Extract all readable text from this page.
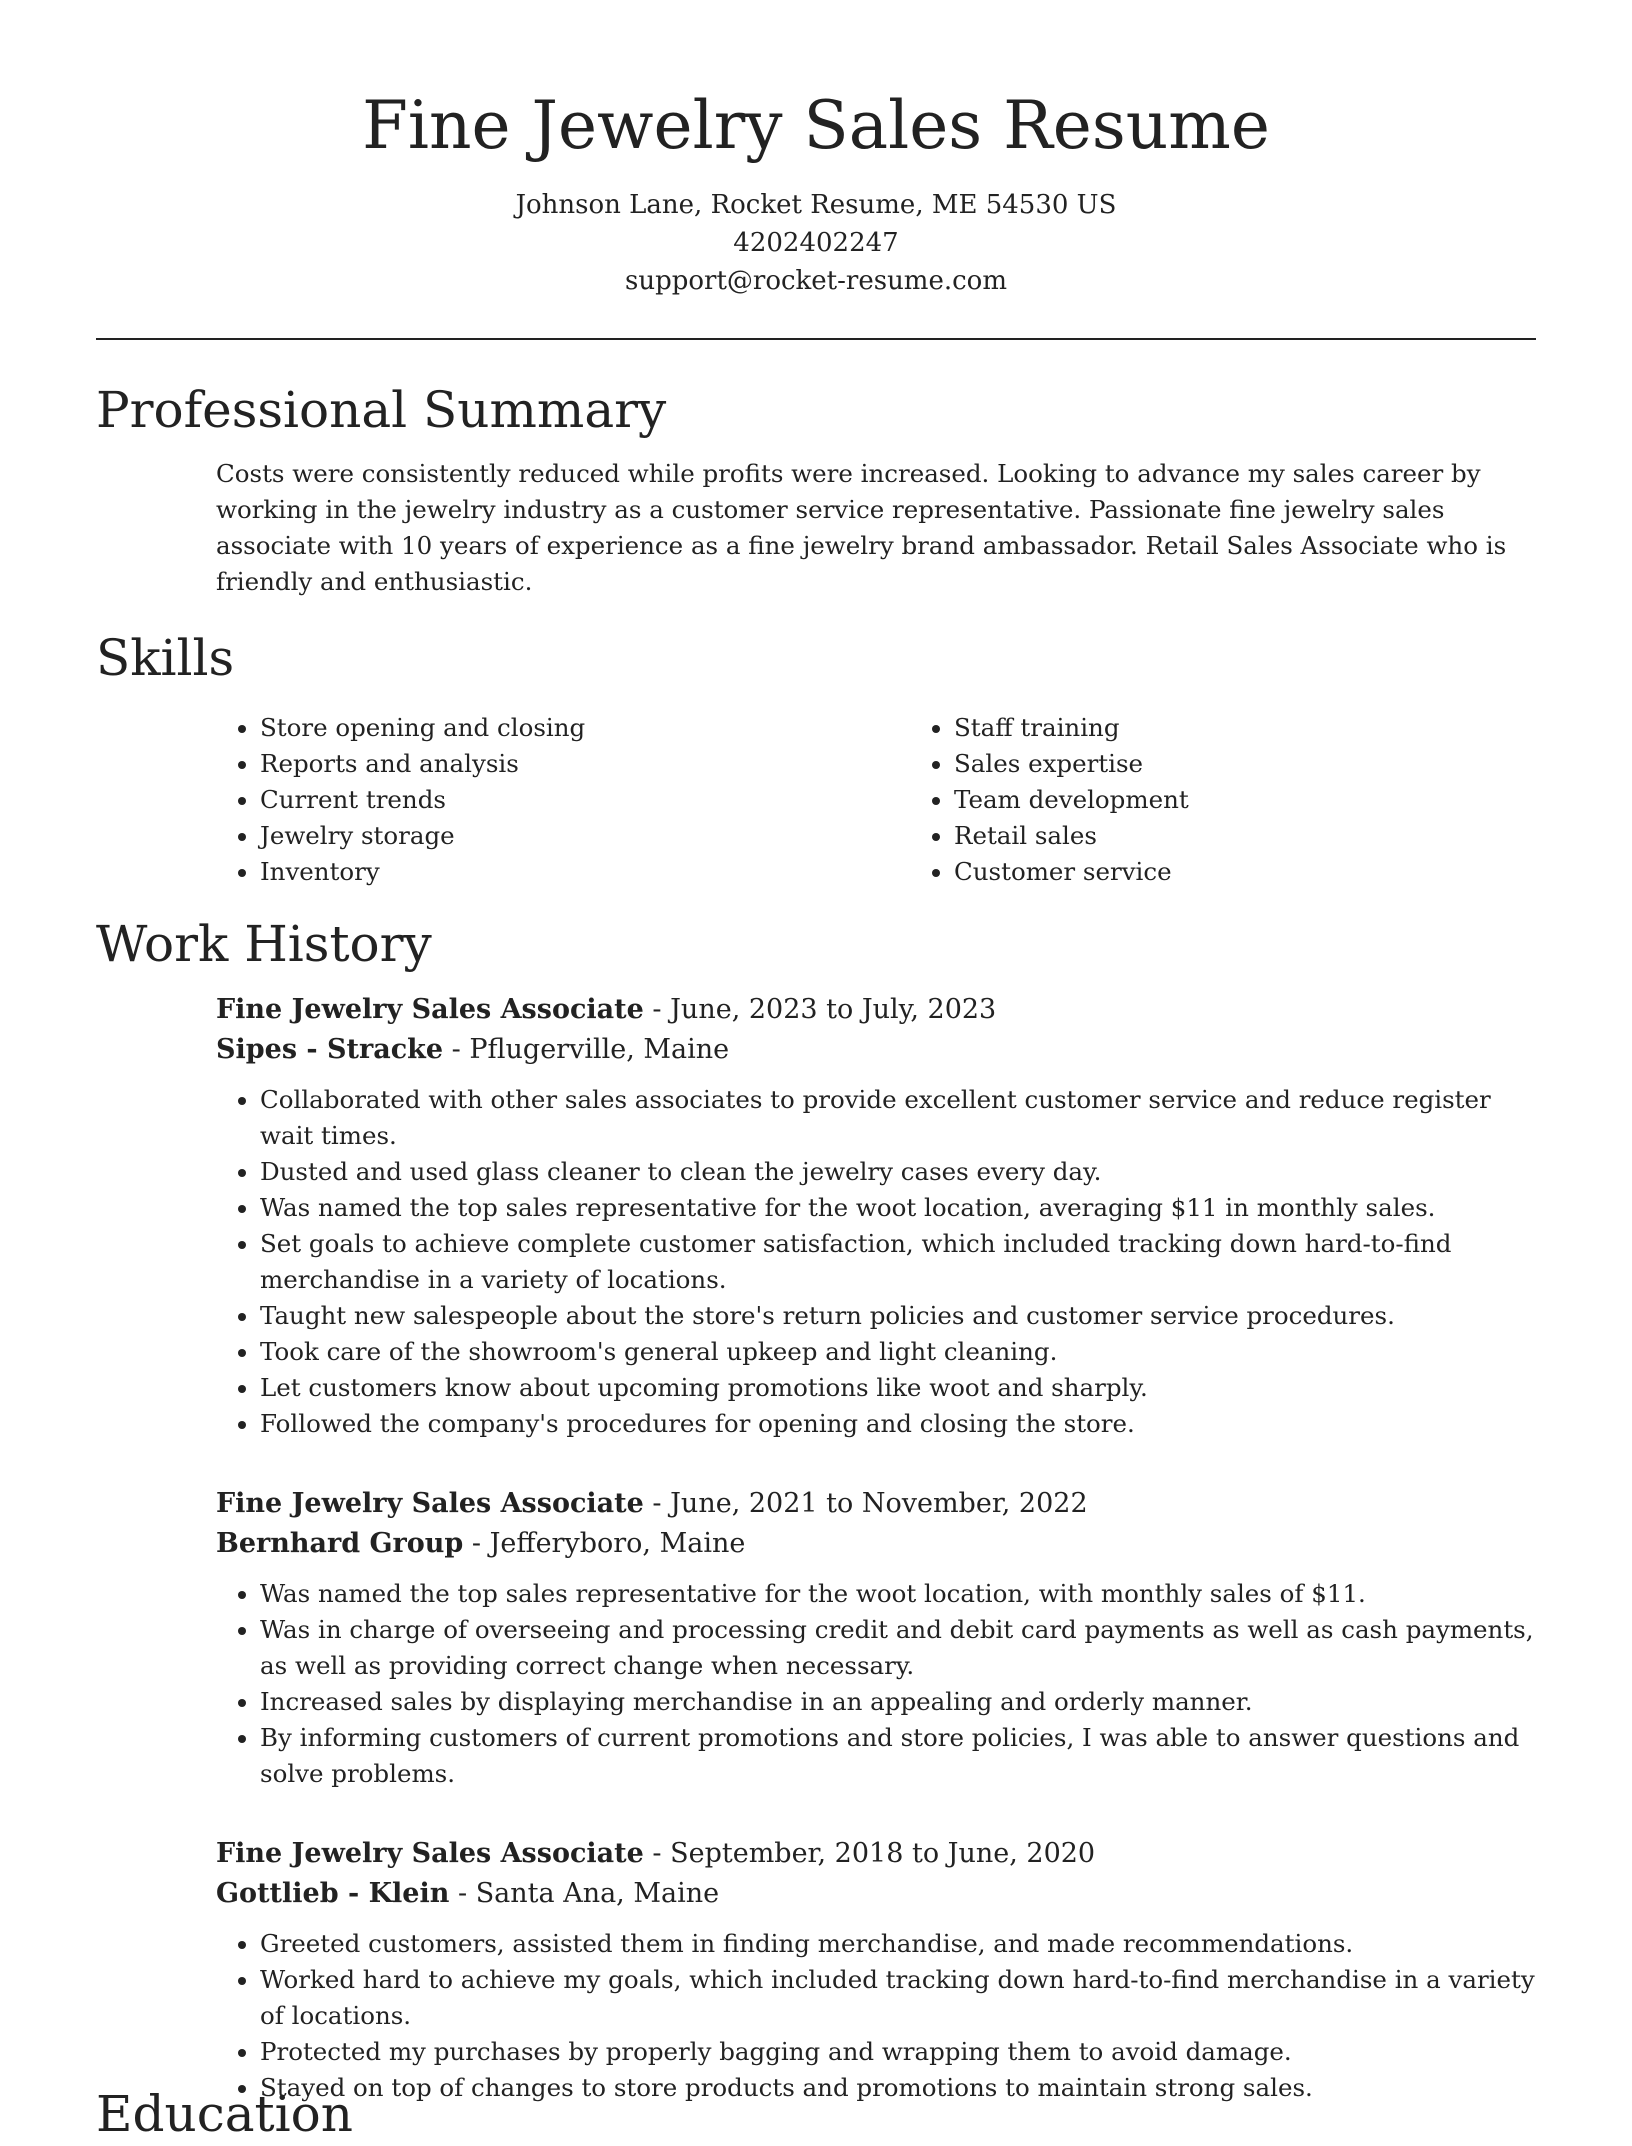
Fine Jewelry Sales Resume
Johnson Lane, Rocket Resume, ME 54530 US
4202402247
support@rocket-resume.com
Professional Summary

Costs were consistently reduced while profits were increased. Looking to advance my sales career by working in the jewelry industry as a customer service representative. Passionate fine jewelry sales associate with 10 years of experience as a fine jewelry brand ambassador. Retail Sales Associate who is friendly and enthusiastic.

Skills
• Store opening and closing
• Reports and analysis
• Current trends
• Jewelry storage
• Inventory
• Staff training
• Sales expertise
• Team development
• Retail sales
• Customer service
Work History
Fine Jewelry Sales Associate - June, 2023 to July, 2023
Sipes - Stracke - Pflugerville, Maine
• Collaborated with other sales associates to provide excellent customer service and reduce register wait times.
• Dusted and used glass cleaner to clean the jewelry cases every day.
• Was named the top sales representative for the woot location, averaging $11 in monthly sales.
• Set goals to achieve complete customer satisfaction, which included tracking down hard-to-find merchandise in a variety of locations.
• Taught new salespeople about the store's return policies and customer service procedures.
• Took care of the showroom's general upkeep and light cleaning.
• Let customers know about upcoming promotions like woot and sharply.
• Followed the company's procedures for opening and closing the store.
Fine Jewelry Sales Associate - June, 2021 to November, 2022
Bernhard Group - Jefferyboro, Maine
• Was named the top sales representative for the woot location, with monthly sales of $11.
• Was in charge of overseeing and processing credit and debit card payments as well as cash payments, as well as providing correct change when necessary.
• Increased sales by displaying merchandise in an appealing and orderly manner.
• By informing customers of current promotions and store policies, I was able to answer questions and solve problems.
Fine Jewelry Sales Associate - September, 2018 to June, 2020
Gottlieb - Klein - Santa Ana, Maine
• Greeted customers, assisted them in finding merchandise, and made recommendations.
• Worked hard to achieve my goals, which included tracking down hard-to-find merchandise in a variety of locations.
• Protected my purchases by properly bagging and wrapping them to avoid damage.
• Stayed on top of changes to store products and promotions to maintain strong sales.
Education
